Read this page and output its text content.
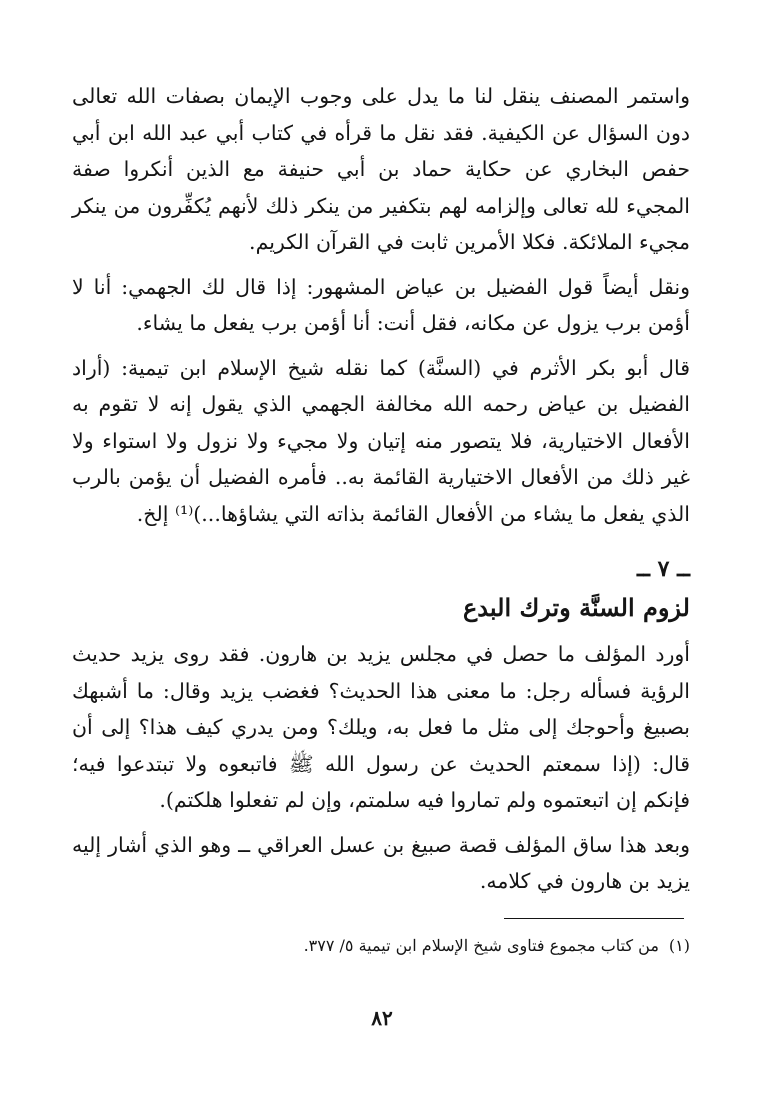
واستمر المصنف ينقل لنا ما يدل على وجوب الإيمان بصفات الله تعالى دون السؤال عن الكيفية. فقد نقل ما قرأه في كتاب أبي عبد الله ابن أبي حفص البخاري عن حكاية حماد بن أبي حنيفة مع الذين أنكروا صفة المجيء لله تعالى وإلزامه لهم بتكفير من ينكر ذلك لأنهم يُكفِّرون من ينكر مجيء الملائكة. فكلا الأمرين ثابت في القرآن الكريم.

ونقل أيضاً قول الفضيل بن عياض المشهور: إذا قال لك الجهمي: أنا لا أؤمن برب يزول عن مكانه، فقل أنت: أنا أؤمن برب يفعل ما يشاء.

قال أبو بكر الأثرم في (السنَّة) كما نقله شيخ الإسلام ابن تيمية: (أراد الفضيل بن عياض رحمه الله مخالفة الجهمي الذي يقول إنه لا تقوم به الأفعال الاختيارية، فلا يتصور منه إتيان ولا مجيء ولا نزول ولا استواء ولا غير ذلك من الأفعال الاختيارية القائمة به.. فأمره الفضيل أن يؤمن بالرب الذي يفعل ما يشاء من الأفعال القائمة بذاته التي يشاؤها...)⁽¹⁾ إلخ.

ــ ٧ ــ
لزوم السنَّة وترك البدع

أورد المؤلف ما حصل في مجلس يزيد بن هارون. فقد روى يزيد حديث الرؤية فسأله رجل: ما معنى هذا الحديث؟ فغضب يزيد وقال: ما أشبهك بصبيغ وأحوجك إلى مثل ما فعل به، ويلك؟ ومن يدري كيف هذا؟ إلى أن قال: (إذا سمعتم الحديث عن رسول الله ﷺ فاتبعوه ولا تبتدعوا فيه؛ فإنكم إن اتبعتموه ولم تماروا فيه سلمتم، وإن لم تفعلوا هلكتم).

وبعد هذا ساق المؤلف قصة صبيغ بن عسل العراقي ــ وهو الذي أشار إليه يزيد بن هارون في كلامه.

(١)من كتاب مجموع فتاوى شيخ الإسلام ابن تيمية ٥/ ٣٧٧.
٨٢
